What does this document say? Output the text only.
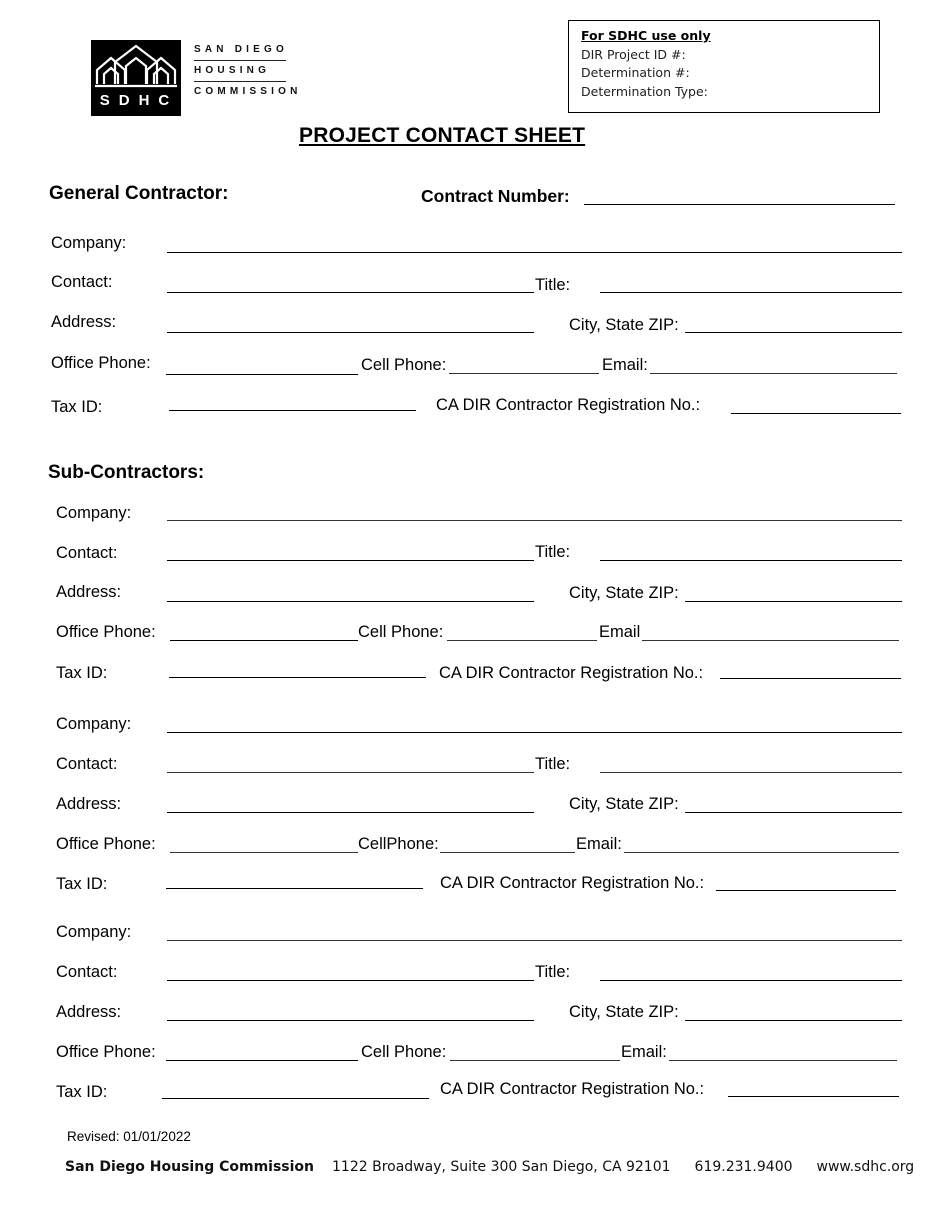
SDHC
SAN DIEGO
HOUSING
COMMISSION
For SDHC use only
DIR Project ID #:
Determination #:
Determination Type:
PROJECT CONTACT SHEET
General Contractor:	Contract Number:
Company:
Contact:	Title:
Address:	City, State ZIP:
Office Phone:	Cell Phone:	Email:
Tax ID:	CA DIR Contractor Registration No.:
Sub-Contractors:
Company:
Contact:	Title:
Address:	City, State ZIP:
Office Phone:	Cell Phone:	Email
Tax ID:	CA DIR Contractor Registration No.:
Company:
Contact:	Title:
Address:	City, State ZIP:
Office Phone:	CellPhone:	Email:
Tax ID:	CA DIR Contractor Registration No.:
Company:
Contact:	Title:
Address:	City, State ZIP:
Office Phone:	Cell Phone:	Email:
Tax ID:	CA DIR Contractor Registration No.:
Revised: 01/01/2022
San Diego Housing Commission 1122 Broadway, Suite 300 San Diego, CA 92101 619.231.9400 www.sdhc.org
